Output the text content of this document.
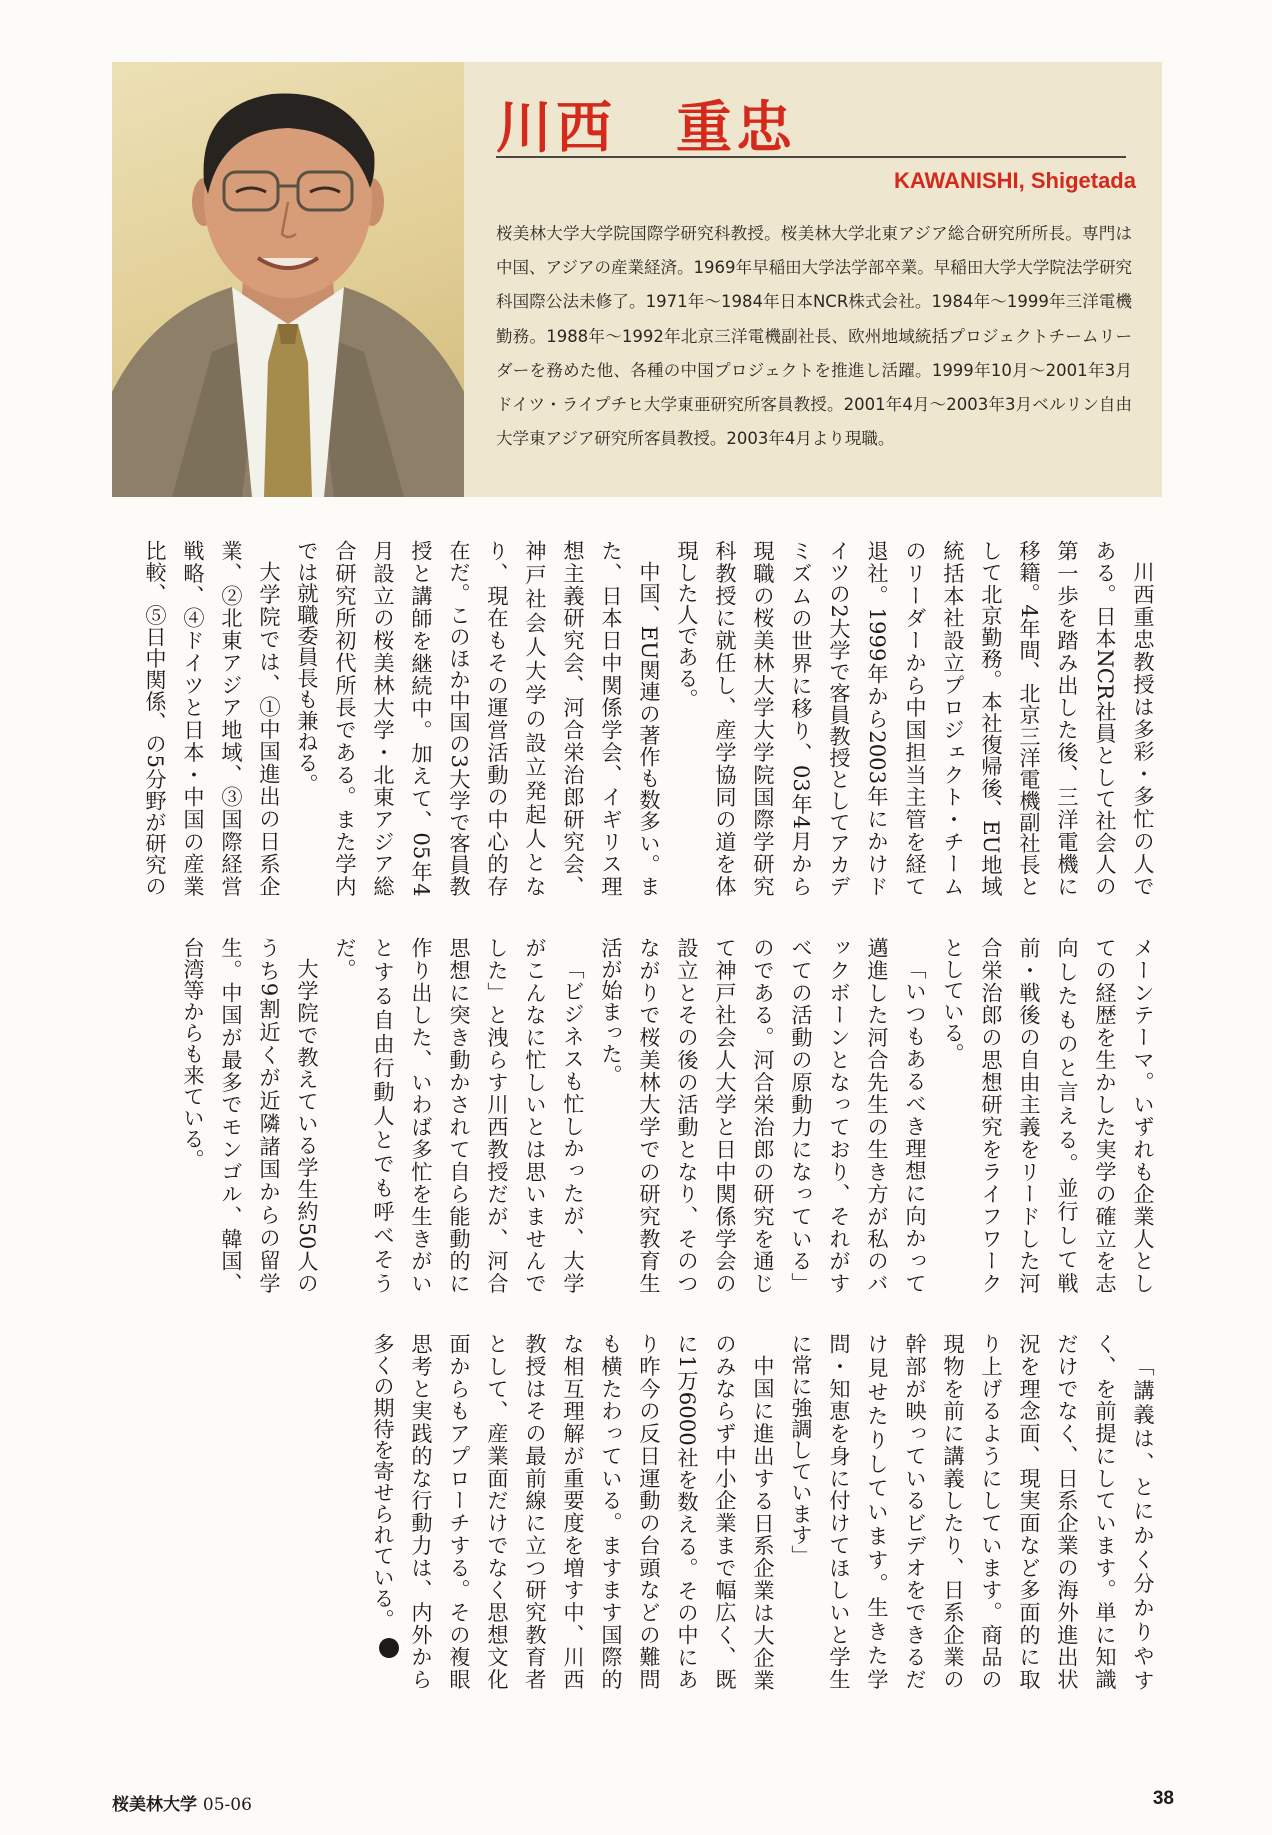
川西　重忠

KAWANISHI, Shigetada

桜美林大学大学院国際学研究科教授。桜美林大学北東アジア総合研究所所長。専門は中国、アジアの産業経済。1969年早稲田大学法学部卒業。早稲田大学大学院法学研究科国際公法未修了。1971年〜1984年日本NCR株式会社。1984年〜1999年三洋電機勤務。1988年〜1992年北京三洋電機副社長、欧州地域統括プロジェクトチームリーダーを務めた他、各種の中国プロジェクトを推進し活躍。1999年10月〜2001年3月ドイツ・ライプチヒ大学東亜研究所客員教授。2001年4月〜2003年3月ベルリン自由大学東アジア研究所客員教授。2003年4月より現職。

川西重忠教授は多彩・多忙の人である。日本NCR社員として社会人の第一歩を踏み出した後、三洋電機に移籍。4年間、北京三洋電機副社長として北京勤務。本社復帰後、EU地域統括本社設立プロジェクト・チームのリーダーから中国担当主管を経て退社。1999年から2003年にかけドイツの2大学で客員教授としてアカデミズムの世界に移り、03年4月から現職の桜美林大学大学院国際学研究科教授に就任し、産学協同の道を体現した人である。

中国、EU関連の著作も数多い。また、日本日中関係学会、イギリス理想主義研究会、河合栄治郎研究会、神戸社会人大学の設立発起人となり、現在もその運営活動の中心的存在だ。このほか中国の3大学で客員教授と講師を継続中。加えて、05年4月設立の桜美林大学・北東アジア総合研究所初代所長である。また学内では就職委員長も兼ねる。

大学院では、①中国進出の日系企業、②北東アジア地域、③国際経営戦略、④ドイツと日本・中国の産業比較、⑤日中関係、の5分野が研究のメーンテーマ。いずれも企業人としての経歴を生かした実学の確立を志向したものと言える。並行して戦前・戦後の自由主義をリードした河合栄治郎の思想研究をライフワークとしている。

「いつもあるべき理想に向かって邁進した河合先生の生き方が私のバックボーンとなっており、それがすべての活動の原動力になっている」のである。河合栄治郎の研究を通じて神戸社会人大学と日中関係学会の設立とその後の活動となり、そのつながりで桜美林大学での研究教育生活が始まった。

「ビジネスも忙しかったが、大学がこんなに忙しいとは思いませんでした」と洩らす川西教授だが、河合思想に突き動かされて自ら能動的に作り出した、いわば多忙を生きがいとする自由行動人とでも呼べそうだ。

大学院で教えている学生約50人のうち9割近くが近隣諸国からの留学生。中国が最多でモンゴル、韓国、台湾等からも来ている。

「講義は、とにかく分かりやすく、を前提にしています。単に知識だけでなく、日系企業の海外進出状況を理念面、現実面など多面的に取り上げるようにしています。商品の現物を前に講義したり、日系企業の幹部が映っているビデオをできるだけ見せたりしています。生きた学問・知恵を身に付けてほしいと学生に常に強調しています」

中国に進出する日系企業は大企業のみならず中小企業まで幅広く、既に1万6000社を数える。その中にあり昨今の反日運動の台頭などの難問も横たわっている。ますます国際的な相互理解が重要度を増す中、川西教授はその最前線に立つ研究教育者として、産業面だけでなく思想文化面からもアプローチする。その複眼思考と実践的な行動力は、内外から多くの期待を寄せられている。U

桜美林大学 05-06	38
